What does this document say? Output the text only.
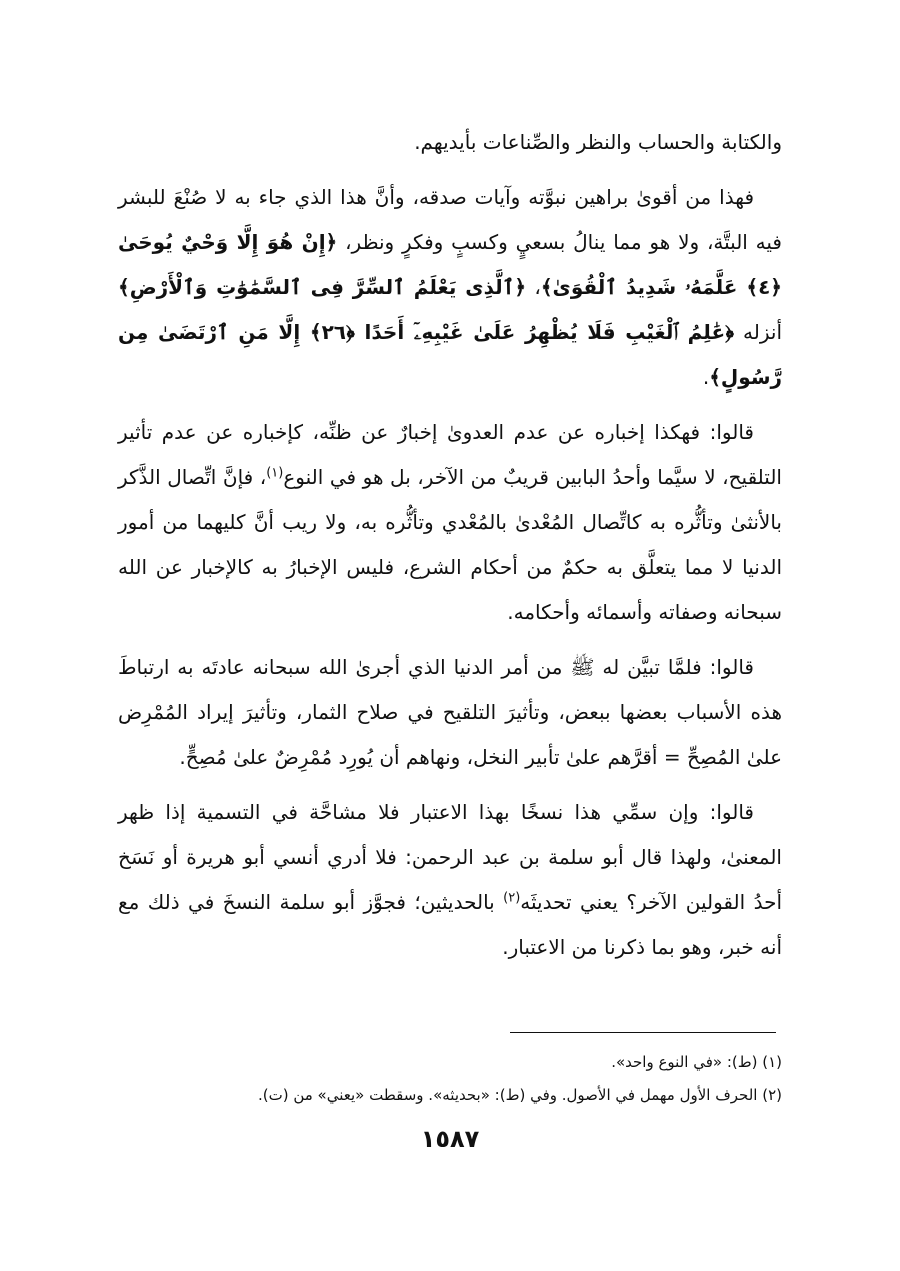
والكتابة والحساب والنظر والصِّناعات بأيديهم.

فهذا من أقوىٰ براهين نبوَّته وآيات صدقه، وأنَّ هذا الذي جاء به لا صُنْعَ للبشر فيه البتَّة، ولا هو مما ينالُ بسعيٍ وكسبٍ وفكرٍ ونظر، ﴿إِنْ هُوَ إِلَّا وَحْيٌ يُوحَىٰ ﴿٤﴾ عَلَّمَهُۥ شَدِيدُ ٱلْقُوَىٰ﴾، ﴿ٱلَّذِى يَعْلَمُ ٱلسِّرَّ فِى ٱلسَّمَٰوَٰتِ وَٱلْأَرْضِ﴾ أنزله ﴿عَٰلِمُ ٱلْغَيْبِ فَلَا يُظْهِرُ عَلَىٰ غَيْبِهِۦٓ أَحَدًا ﴿٢٦﴾ إِلَّا مَنِ ٱرْتَضَىٰ مِن رَّسُولٍ﴾.

قالوا: فهكذا إخباره عن عدم العدوىٰ إخبارٌ عن ظنِّه، كإخباره عن عدم تأثير التلقيح، لا سيَّما وأحدُ البابين قريبٌ من الآخر، بل هو في النوع$^{(١)}$، فإنَّ اتِّصال الذَّكر بالأنثىٰ وتأثُّره به كاتِّصال المُعْدىٰ بالمُعْدي وتأثُّره به، ولا ريب أنَّ كليهما من أمور الدنيا لا مما يتعلَّق به حكمٌ من أحكام الشرع، فليس الإخبارُ به كالإخبار عن الله سبحانه وصفاته وأسمائه وأحكامه.

قالوا: فلمَّا تبيَّن له ﷺ من أمر الدنيا الذي أجرىٰ الله سبحانه عادتَه به ارتباطَ هذه الأسباب بعضها ببعض، وتأثيرَ التلقيح في صلاح الثمار، وتأثيرَ إيراد المُمْرِض علىٰ المُصِحِّ = أقرَّهم علىٰ تأبير النخل، ونهاهم أن يُورِد مُمْرِضٌ علىٰ مُصِحٍّ.

قالوا: وإن سمِّي هذا نسخًا بهذا الاعتبار فلا مشاحَّة في التسمية إذا ظهر المعنىٰ، ولهذا قال أبو سلمة بن عبد الرحمن: فلا أدري أنسي أبو هريرة أو نَسَخ أحدُ القولين الآخر؟ يعني تحديثَه$^{(٢)}$ بالحديثين؛ فجوَّز أبو سلمة النسخَ في ذلك مع أنه خبر، وهو بما ذكرنا من الاعتبار.

(١) (ط): «في النوع واحد».

(٢) الحرف الأول مهمل في الأصول. وفي (ط): «بحديثه». وسقطت «يعني» من (ت).

١٥٨٧
